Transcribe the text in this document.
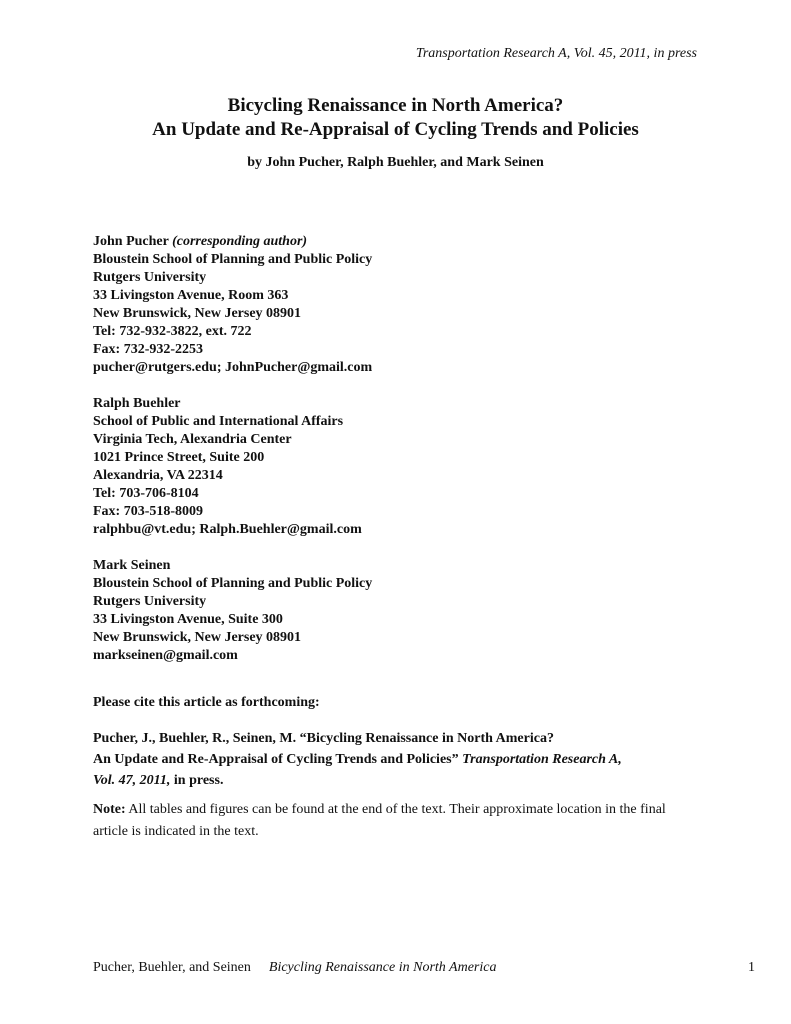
Transportation Research A, Vol. 45, 2011, in press

Bicycling Renaissance in North America?

An Update and Re-Appraisal of Cycling Trends and Policies

by John Pucher, Ralph Buehler, and Mark Seinen
John Pucher (corresponding author)
Bloustein School of Planning and Public Policy
Rutgers University
33 Livingston Avenue, Room 363
New Brunswick, New Jersey 08901
Tel: 732-932-3822, ext. 722
Fax: 732-932-2253
pucher@rutgers.edu; JohnPucher@gmail.com
Ralph Buehler
School of Public and International Affairs
Virginia Tech, Alexandria Center
1021 Prince Street, Suite 200
Alexandria, VA 22314
Tel: 703-706-8104
Fax: 703-518-8009
ralphbu@vt.edu; Ralph.Buehler@gmail.com
Mark Seinen
Bloustein School of Planning and Public Policy
Rutgers University
33 Livingston Avenue, Suite 300
New Brunswick, New Jersey 08901
markseinen@gmail.com
Please cite this article as forthcoming:
Pucher, J., Buehler, R., Seinen, M. “Bicycling Renaissance in North America?
An Update and Re-Appraisal of Cycling Trends and Policies” Transportation Research A,
Vol. 47, 2011, in press.
Note: All tables and figures can be found at the end of the text. Their approximate location in the final article is indicated in the text.
Pucher, Buehler, and Seinen Bicycling Renaissance in North America	1
